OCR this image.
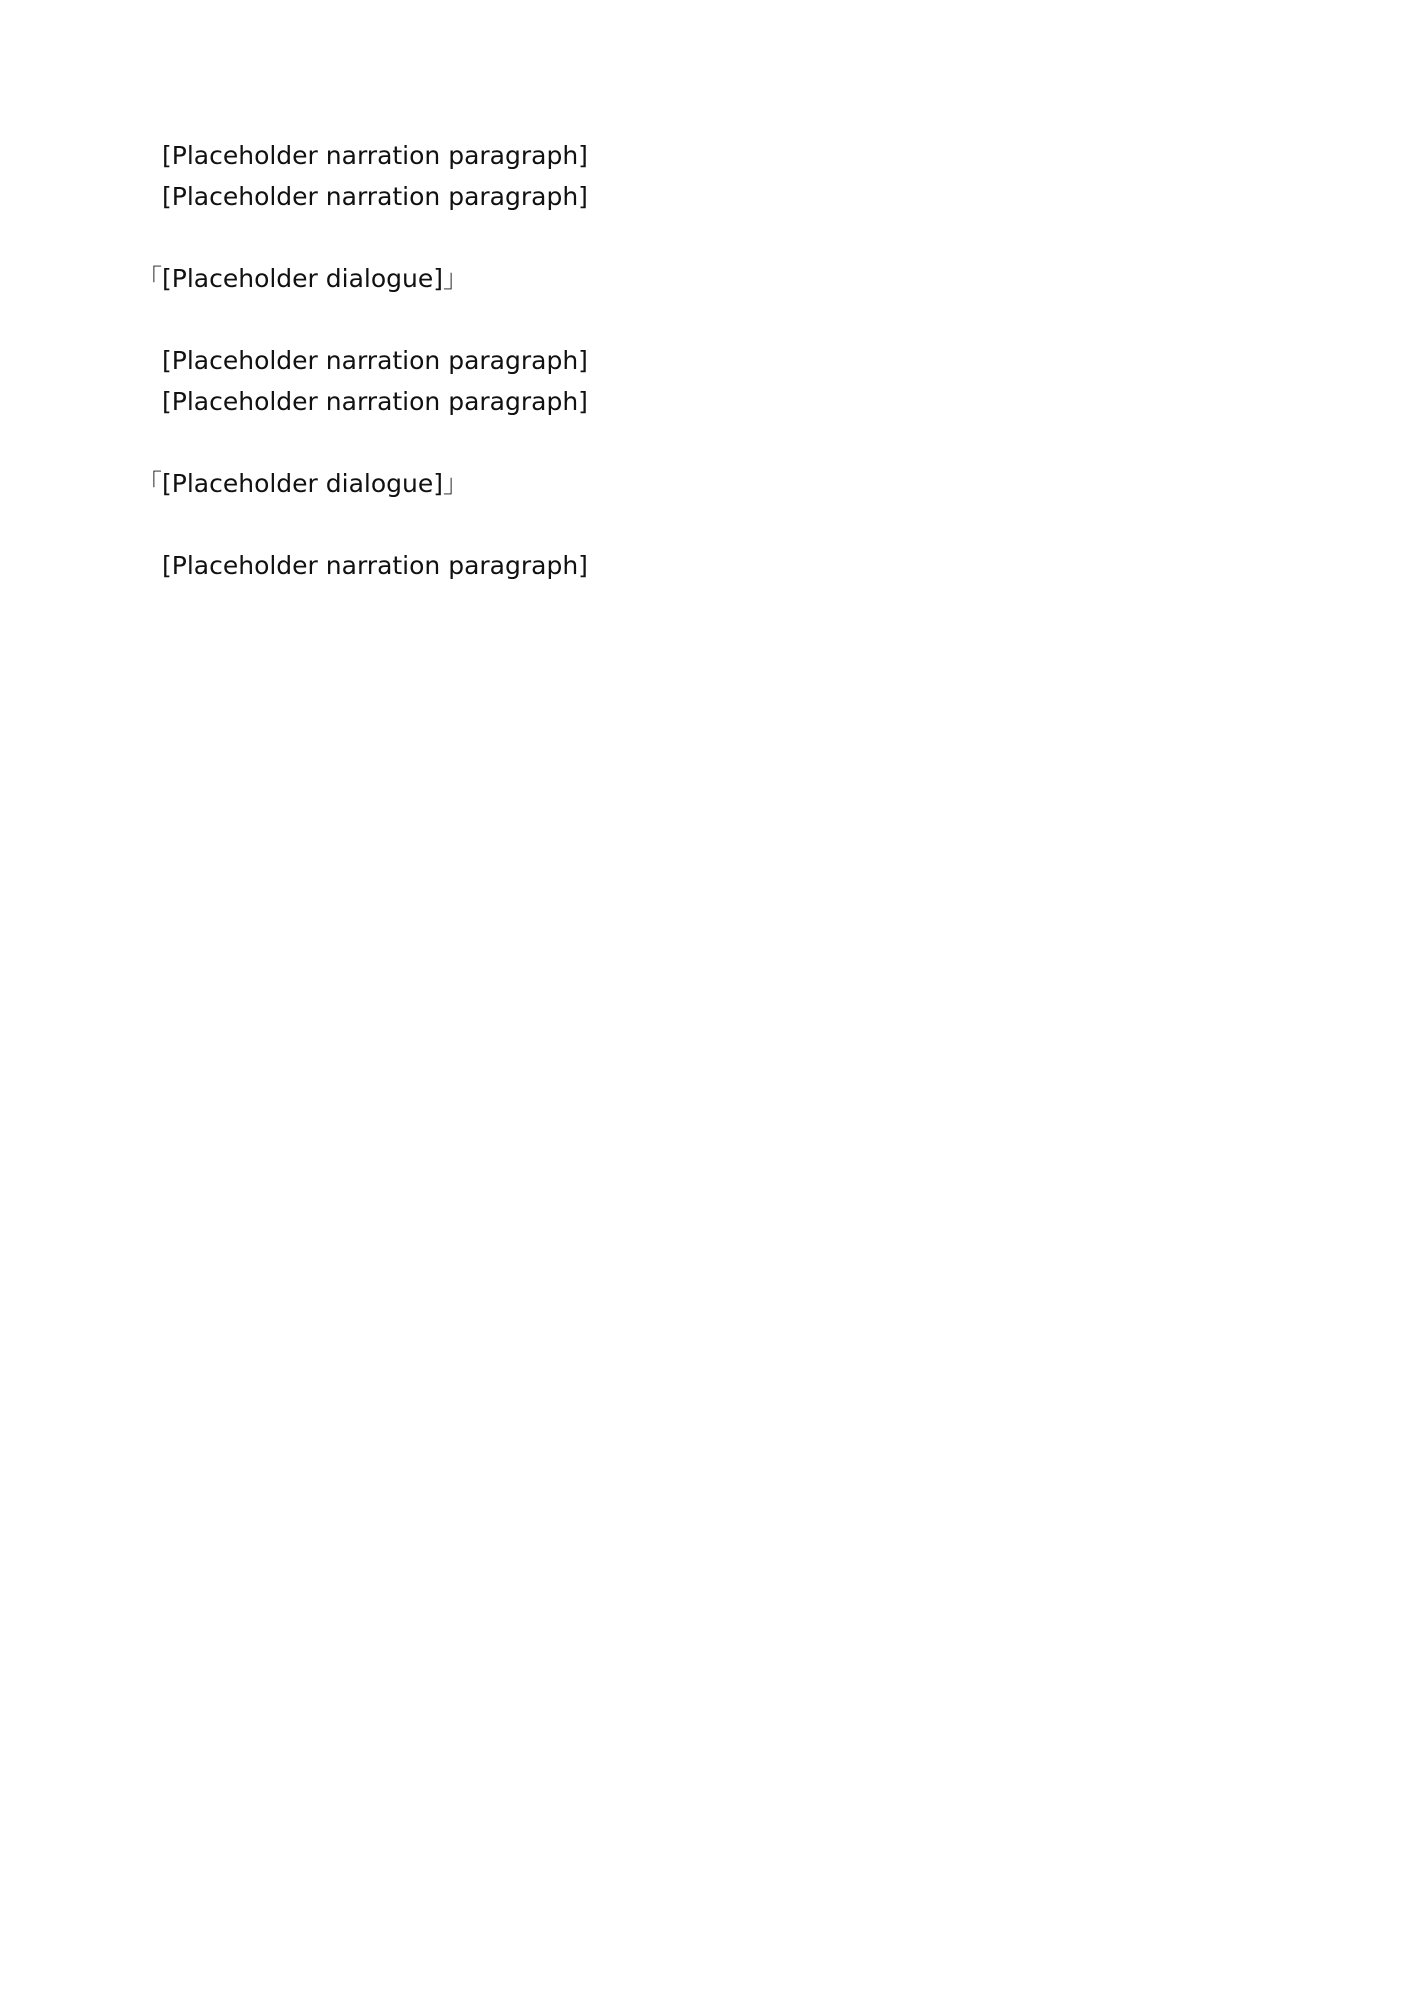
[Placeholder narration paragraph]

[Placeholder narration paragraph]

「[Placeholder dialogue]」

[Placeholder narration paragraph]

[Placeholder narration paragraph]

「[Placeholder dialogue]」

[Placeholder narration paragraph]
